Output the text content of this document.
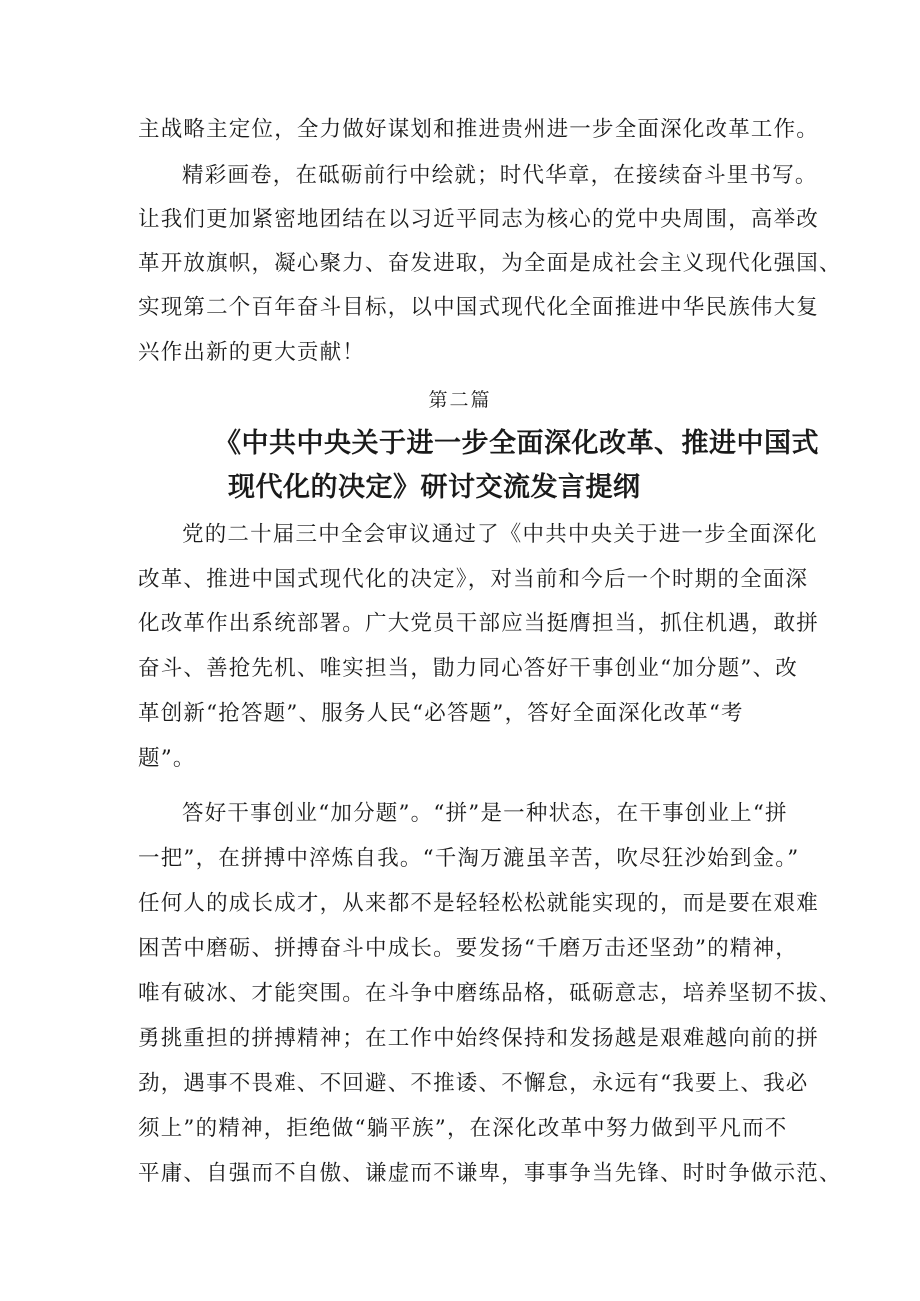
主战略主定位，全力做好谋划和推进贵州进一步全面深化改革工作。
精彩画卷，在砥砺前行中绘就；时代华章，在接续奋斗里书写。
让我们更加紧密地团结在以习近平同志为核心的党中央周围，高举改
革开放旗帜，凝心聚力、奋发进取，为全面是成社会主义现代化强国、
实现第二个百年奋斗目标，以中国式现代化全面推进中华民族伟大复
兴作出新的更大贡献！
第二篇
《中共中央关于进一步全面深化改革、推进中国式
现代化的决定》研讨交流发言提纲
党的二十届三中全会审议通过了《中共中央关于进一步全面深化
改革、推进中国式现代化的决定》，对当前和今后一个时期的全面深
化改革作出系统部署。广大党员干部应当挺膺担当，抓住机遇，敢拼
奋斗、善抢先机、唯实担当，勖力同心答好干事创业“加分题”、改
革创新“抢答题”、服务人民“必答题”，答好全面深化改革“考
题”。
答好干事创业“加分题”。“拼”是一种状态，在干事创业上“拼
一把”，在拼搏中淬炼自我。“千淘万漉虽辛苦，吹尽狂沙始到金。”
任何人的成长成才，从来都不是轻轻松松就能实现的，而是要在艰难
困苦中磨砺、拼搏奋斗中成长。要发扬“千磨万击还坚劲”的精神，
唯有破冰、才能突围。在斗争中磨练品格，砥砺意志，培养坚韧不拔、
勇挑重担的拼搏精神；在工作中始终保持和发扬越是艰难越向前的拼
劲，遇事不畏难、不回避、不推诿、不懈怠，永远有“我要上、我必
须上”的精神，拒绝做“躺平族”，在深化改革中努力做到平凡而不
平庸、自强而不自傲、谦虚而不谦卑，事事争当先锋、时时争做示范、
